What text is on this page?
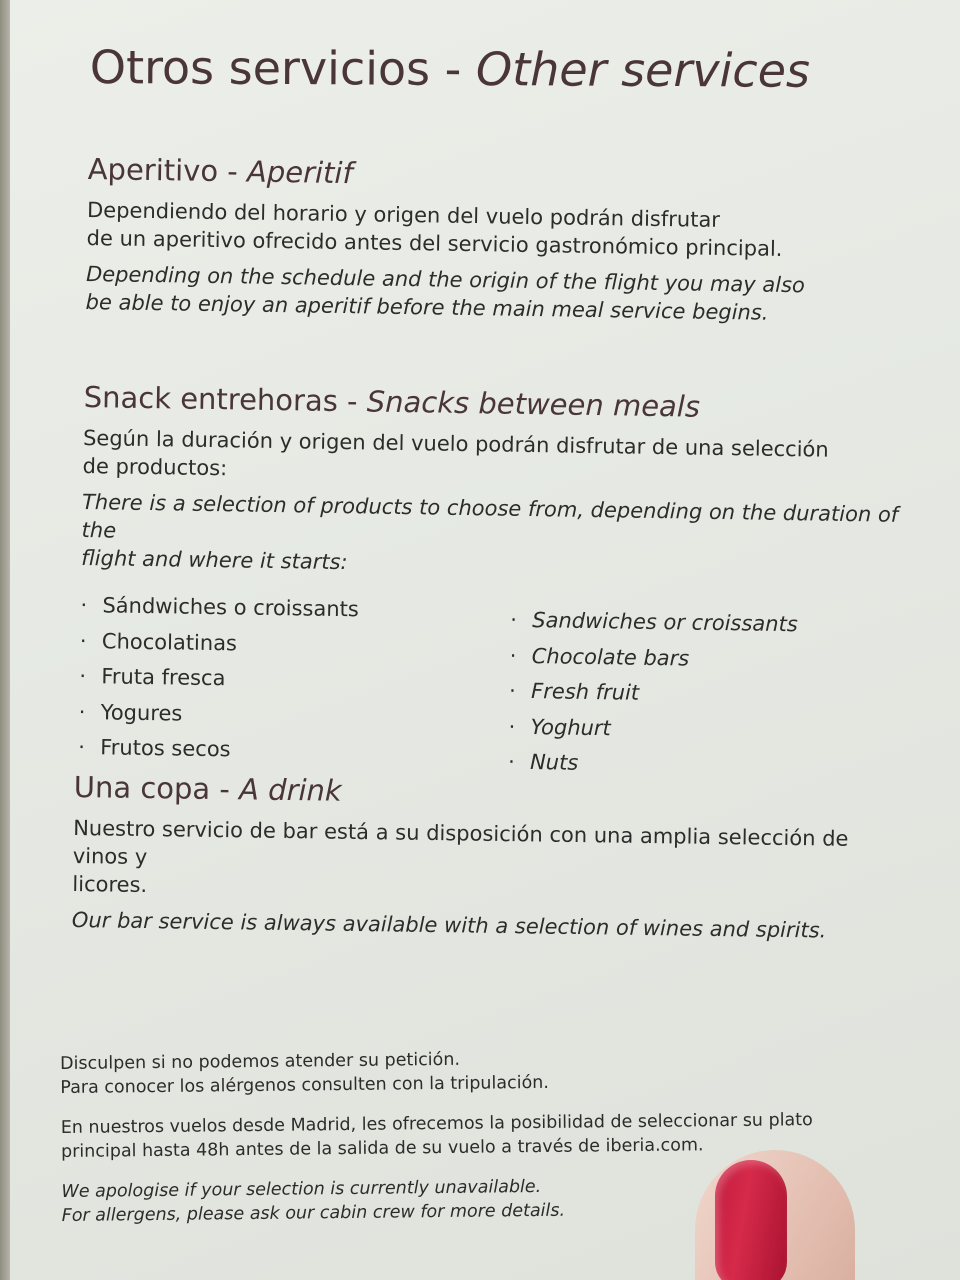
Otros servicios - Other services
Aperitivo - Aperitif

Dependiendo del horario y origen del vuelo podrán disfrutar
de un aperitivo ofrecido antes del servicio gastronómico principal.

Depending on the schedule and the origin of the flight you may also
be able to enjoy an aperitif before the main meal service begins.

Snack entrehoras - Snacks between meals

Según la duración y origen del vuelo podrán disfrutar de una selección
de productos:

There is a selection of products to choose from, depending on the duration of the
flight and where it starts:

· Sándwiches o croissants
· Chocolatinas
· Fruta fresca
· Yogures
· Frutos secos
· Sandwiches or croissants
· Chocolate bars
· Fresh fruit
· Yoghurt
· Nuts
Una copa - A drink

Nuestro servicio de bar está a su disposición con una amplia selección de vinos y
licores.

Our bar service is always available with a selection of wines and spirits.

Disculpen si no podemos atender su petición.
Para conocer los alérgenos consulten con la tripulación.

En nuestros vuelos desde Madrid, les ofrecemos la posibilidad de seleccionar su plato
principal hasta 48h antes de la salida de su vuelo a través de iberia.com.

We apologise if your selection is currently unavailable.
For allergens, please ask our cabin crew for more details.
